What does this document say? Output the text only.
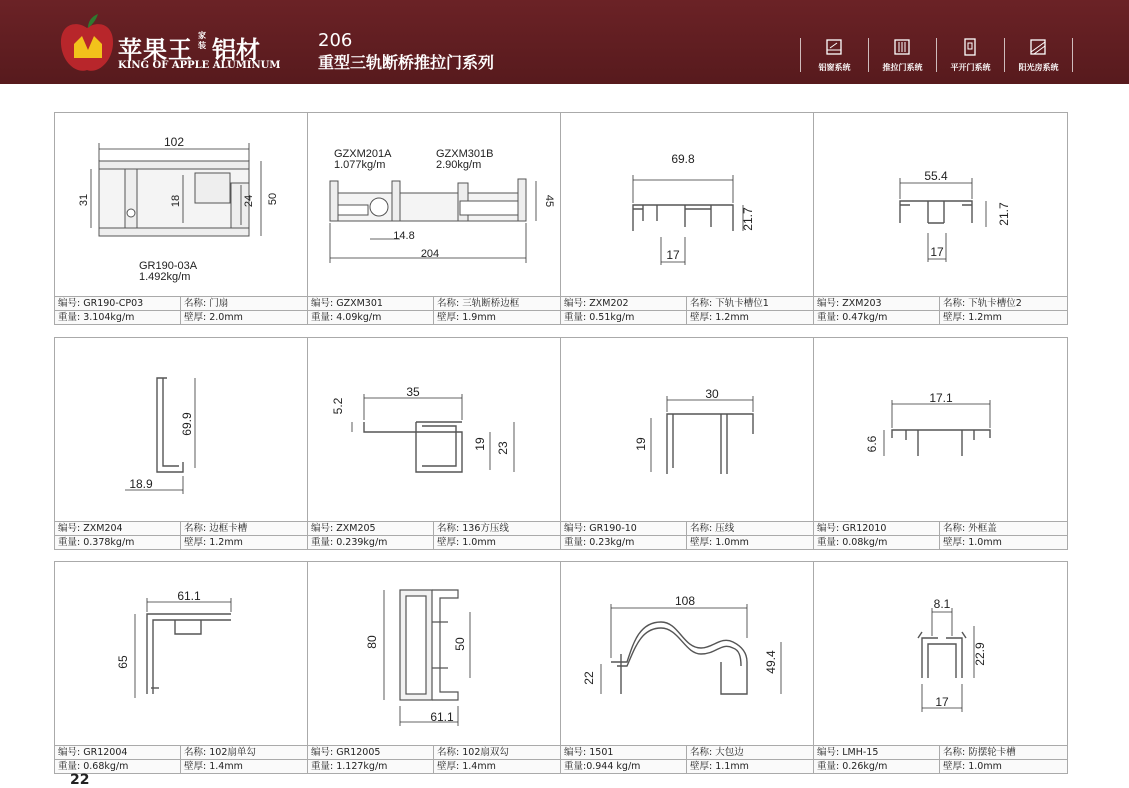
苹果王
家装 铝材
KING OF APPLE ALUMINUM
206
重型三轨断桥推拉门系列	铝窗系统	推拉门系统	平开门系统	阳光房系统
102
31	18	24 50
GR190-03A
1.492kg/m
编号: GR190-CP03	名称: 门扇
重量: 3.104kg/m	壁厚: 2.0mm
GZXM201A
1.077kg/m
GZXM301B
2.90kg/m
14.8
204
45
编号: GZXM301	名称: 三轨断桥边框
重量: 4.09kg/m	壁厚: 1.9mm
69.8
21.7
17
编号: ZXM202	名称: 下轨卡槽位1
重量: 0.51kg/m	壁厚: 1.2mm
55.4
21.7
17
编号: ZXM203	名称: 下轨卡槽位2
重量: 0.47kg/m	壁厚: 1.2mm
69.9
18.9
编号: ZXM204	名称: 边框卡槽
重量: 0.378kg/m	壁厚: 1.2mm
35
5.2
19 23
编号: ZXM205	名称: 136方压线
重量: 0.239kg/m	壁厚: 1.0mm
30
19
编号: GR190-10	名称: 压线
重量: 0.23kg/m	壁厚: 1.0mm
17.1
6.6
编号: GR12010	名称: 外框盖
重量: 0.08kg/m	壁厚: 1.0mm
61.1
65
编号: GR12004	名称: 102扇单勾
重量: 0.68kg/m	壁厚: 1.4mm
80	50
61.1
编号: GR12005	名称: 102扇双勾
重量: 1.127kg/m	壁厚: 1.4mm
108
22
49.4
编号: 1501	名称: 大包边
重量:0.944 kg/m	壁厚: 1.1mm
8.1
22.9
17
编号: LMH-15	名称: 防摆轮卡槽
重量: 0.26kg/m	壁厚: 1.0mm
22
